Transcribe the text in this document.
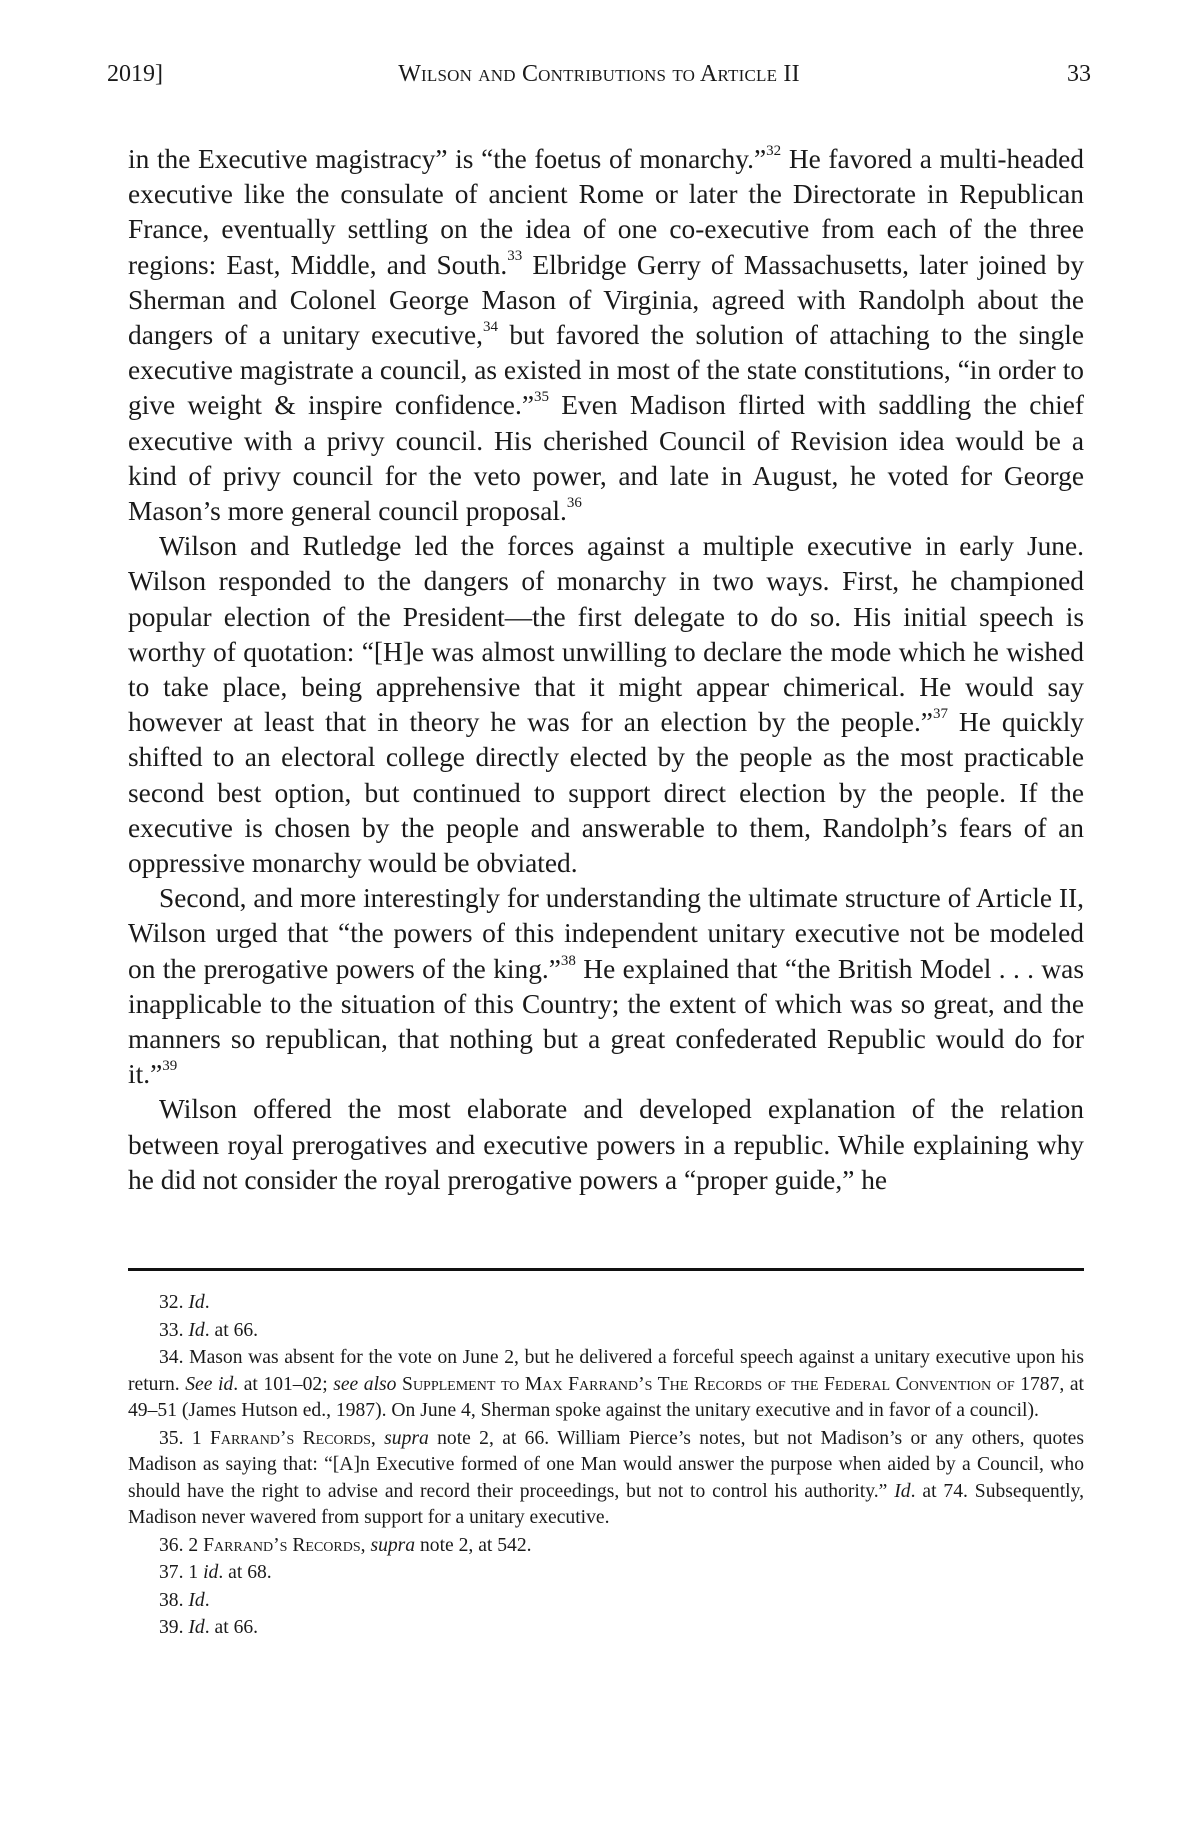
2019]	Wilson and Contributions to Article II	33

in the Executive magistracy” is “the foetus of monarchy.”$^{32}$ He favored a multi-headed executive like the consulate of ancient Rome or later the Directorate in Republican France, eventually settling on the idea of one co-executive from each of the three regions: East, Middle, and South.$^{33}$ Elbridge Gerry of Massachusetts, later joined by Sherman and Colonel George Mason of Virginia, agreed with Randolph about the dangers of a unitary executive,$^{34}$ but favored the solution of attaching to the single executive magistrate a council, as existed in most of the state constitutions, “in order to give weight & inspire confidence.”$^{35}$ Even Madison flirted with saddling the chief executive with a privy council. His cherished Council of Revision idea would be a kind of privy council for the veto power, and late in August, he voted for George Mason’s more general council proposal.$^{36}$

Wilson and Rutledge led the forces against a multiple executive in early June. Wilson responded to the dangers of monarchy in two ways. First, he championed popular election of the President—the first delegate to do so. His initial speech is worthy of quotation: “[H]e was almost unwilling to declare the mode which he wished to take place, being apprehensive that it might appear chimerical. He would say however at least that in theory he was for an election by the people.”$^{37}$ He quickly shifted to an electoral college directly elected by the people as the most practicable second best option, but continued to support direct election by the people. If the executive is chosen by the people and answerable to them, Randolph’s fears of an oppressive monarchy would be obviated.

Second, and more interestingly for understanding the ultimate structure of Article II, Wilson urged that “the powers of this independent unitary executive not be modeled on the prerogative powers of the king.”$^{38}$ He explained that “the British Model . . . was inapplicable to the situation of this Country; the extent of which was so great, and the manners so republican, that nothing but a great confederated Republic would do for it.”$^{39}$

Wilson offered the most elaborate and developed explanation of the relation between royal prerogatives and executive powers in a republic. While explaining why he did not consider the royal prerogative powers a “proper guide,” he

32. Id.

33. Id. at 66.

34. Mason was absent for the vote on June 2, but he delivered a forceful speech against a unitary executive upon his return. See id. at 101–02; see also Supplement to Max Farrand’s The Records of the Federal Convention of 1787, at 49–51 (James Hutson ed., 1987). On June 4, Sherman spoke against the unitary executive and in favor of a council).

35. 1 Farrand’s Records, supra note 2, at 66. William Pierce’s notes, but not Madison’s or any others, quotes Madison as saying that: “[A]n Executive formed of one Man would answer the purpose when aided by a Council, who should have the right to advise and record their proceedings, but not to control his authority.” Id. at 74. Subsequently, Madison never wavered from support for a unitary executive.

36. 2 Farrand’s Records, supra note 2, at 542.

37. 1 id. at 68.

38. Id.

39. Id. at 66.
